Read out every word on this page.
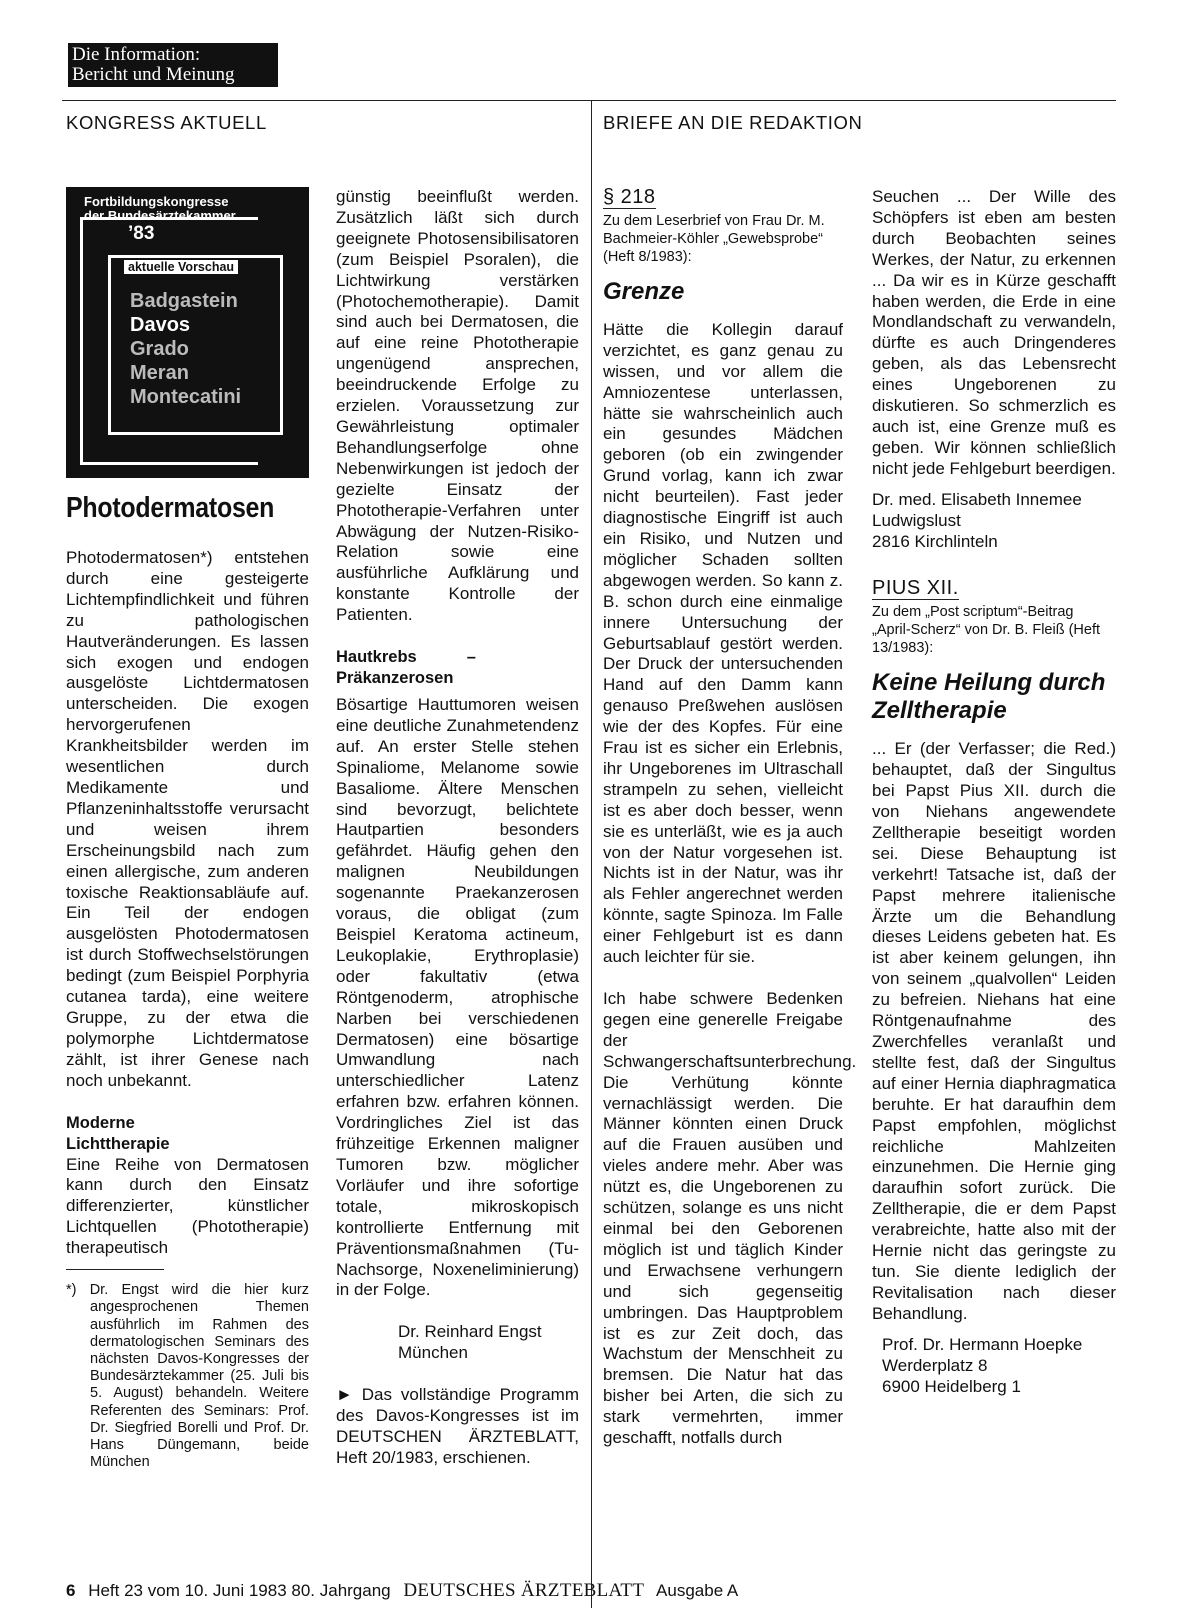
Die Information:
Bericht und Meinung
KONGRESS AKTUELL	BRIEFE AN DIE REDAKTION
Fortbildungskongresse
der Bundesärztekammer
’83
aktuelle Vorschau
Badgastein
Davos
Grado
Meran
Montecatini
Photodermatosen

Photodermatosen*) entstehen durch eine gesteigerte Lichtempfindlichkeit und führen zu pathologischen Hautveränderungen. Es lassen sich exogen und endogen ausgelöste Lichtdermatosen unterscheiden. Die exogen hervorgerufenen Krankheitsbilder werden im wesentlichen durch Medikamente und Pflanzeninhaltsstoffe verursacht und weisen ihrem Erscheinungsbild nach zum einen allergische, zum anderen toxische Reaktionsabläufe auf. Ein Teil der endogen ausgelösten Photodermatosen ist durch Stoffwechselstörungen bedingt (zum Beispiel Porphyria cutanea tarda), eine weitere Gruppe, zu der etwa die polymorphe Lichtdermatose zählt, ist ihrer Genese nach noch unbekannt.

Moderne Lichttherapie

Eine Reihe von Dermatosen kann durch den Einsatz differenzierter, künstlicher Lichtquellen (Phototherapie) therapeutisch

*) Dr. Engst wird die hier kurz angesprochenen Themen ausführlich im Rahmen des dermatologischen Seminars des nächsten Davos-Kongresses der Bundesärztekammer (25. Juli bis 5. August) behandeln. Weitere Referenten des Seminars: Prof. Dr. Siegfried Borelli und Prof. Dr. Hans Düngemann, beide München

günstig beeinflußt werden. Zusätzlich läßt sich durch geeignete Photosensibilisatoren (zum Beispiel Psoralen), die Lichtwirkung verstärken (Photochemotherapie). Damit sind auch bei Dermatosen, die auf eine reine Phototherapie ungenügend ansprechen, beeindruckende Erfolge zu erzielen. Voraussetzung zur Gewährleistung optimaler Behandlungserfolge ohne Nebenwirkungen ist jedoch der gezielte Einsatz der Phototherapie-Verfahren unter Abwägung der Nutzen-Risiko-Relation sowie eine ausführliche Aufklärung und konstante Kontrolle der Patienten.

Hautkrebs – Präkanzerosen

Bösartige Hauttumoren weisen eine deutliche Zunahmetendenz auf. An erster Stelle stehen Spinaliome, Melanome sowie Basaliome. Ältere Menschen sind bevorzugt, belichtete Hautpartien besonders gefährdet. Häufig gehen den malignen Neubildungen sogenannte Praekanzerosen voraus, die obligat (zum Beispiel Keratoma actineum, Leukoplakie, Erythroplasie) oder fakultativ (etwa Röntgenoderm, atrophische Narben bei verschiedenen Dermatosen) eine bösartige Umwandlung nach unterschiedlicher Latenz erfahren bzw. erfahren können. Vordringliches Ziel ist das frühzeitige Erkennen maligner Tumoren bzw. möglicher Vorläufer und ihre sofortige totale, mikroskopisch kontrollierte Entfernung mit Präventionsmaßnahmen (Tu-Nachsorge, Noxeneliminierung) in der Folge.

Dr. Reinhard Engst
München

► Das vollständige Programm des Davos-Kongresses ist im DEUTSCHEN ÄRZTEBLATT, Heft 20/1983, erschienen.

§ 218

Zu dem Leserbrief von Frau Dr. M. Bachmeier-Köhler „Gewebsprobe“ (Heft 8/1983):

Grenze

Hätte die Kollegin darauf verzichtet, es ganz genau zu wissen, und vor allem die Amniozentese unterlassen, hätte sie wahrscheinlich auch ein gesundes Mädchen geboren (ob ein zwingender Grund vorlag, kann ich zwar nicht beurteilen). Fast jeder diagnostische Eingriff ist auch ein Risiko, und Nutzen und möglicher Schaden sollten abgewogen werden. So kann z. B. schon durch eine einmalige innere Untersuchung der Geburtsablauf gestört werden. Der Druck der untersuchenden Hand auf den Damm kann genauso Preßwehen auslösen wie der des Kopfes. Für eine Frau ist es sicher ein Erlebnis, ihr Ungeborenes im Ultraschall strampeln zu sehen, vielleicht ist es aber doch besser, wenn sie es unterläßt, wie es ja auch von der Natur vorgesehen ist. Nichts ist in der Natur, was ihr als Fehler angerechnet werden könnte, sagte Spinoza. Im Falle einer Fehlgeburt ist es dann auch leichter für sie.

Ich habe schwere Bedenken gegen eine generelle Freigabe der Schwangerschaftsunterbrechung. Die Verhütung könnte vernachlässigt werden. Die Männer könnten einen Druck auf die Frauen ausüben und vieles andere mehr. Aber was nützt es, die Ungeborenen zu schützen, solange es uns nicht einmal bei den Geborenen möglich ist und täglich Kinder und Erwachsene verhungern und sich gegenseitig umbringen. Das Hauptproblem ist es zur Zeit doch, das Wachstum der Menschheit zu bremsen. Die Natur hat das bisher bei Arten, die sich zu stark vermehrten, immer geschafft, notfalls durch

Seuchen ... Der Wille des Schöpfers ist eben am besten durch Beobachten seines Werkes, der Natur, zu erkennen ... Da wir es in Kürze geschafft haben werden, die Erde in eine Mondlandschaft zu verwandeln, dürfte es auch Dringenderes geben, als das Lebensrecht eines Ungeborenen zu diskutieren. So schmerzlich es auch ist, eine Grenze muß es geben. Wir können schließlich nicht jede Fehlgeburt beerdigen.

Dr. med. Elisabeth Innemee
Ludwigslust
2816 Kirchlinteln
PIUS XII.

Zu dem „Post scriptum“-Beitrag „April-Scherz“ von Dr. B. Fleiß (Heft 13/1983):

Keine Heilung durch Zelltherapie

... Er (der Verfasser; die Red.) behauptet, daß der Singultus bei Papst Pius XII. durch die von Niehans angewendete Zelltherapie beseitigt worden sei. Diese Behauptung ist verkehrt! Tatsache ist, daß der Papst mehrere italienische Ärzte um die Behandlung dieses Leidens gebeten hat. Es ist aber keinem gelungen, ihn von seinem „qualvollen“ Leiden zu befreien. Niehans hat eine Röntgenaufnahme des Zwerchfelles veranlaßt und stellte fest, daß der Singultus auf einer Hernia diaphragmatica beruhte. Er hat daraufhin dem Papst empfohlen, möglichst reichliche Mahlzeiten einzunehmen. Die Hernie ging daraufhin sofort zurück. Die Zelltherapie, die er dem Papst verabreichte, hatte also mit der Hernie nicht das geringste zu tun. Sie diente lediglich der Revitalisation nach dieser Behandlung.

Prof. Dr. Hermann Hoepke
Werderplatz 8
6900 Heidelberg 1
6 Heft 23 vom 10. Juni 1983 80. Jahrgang DEUTSCHES ÄRZTEBLATT Ausgabe A
